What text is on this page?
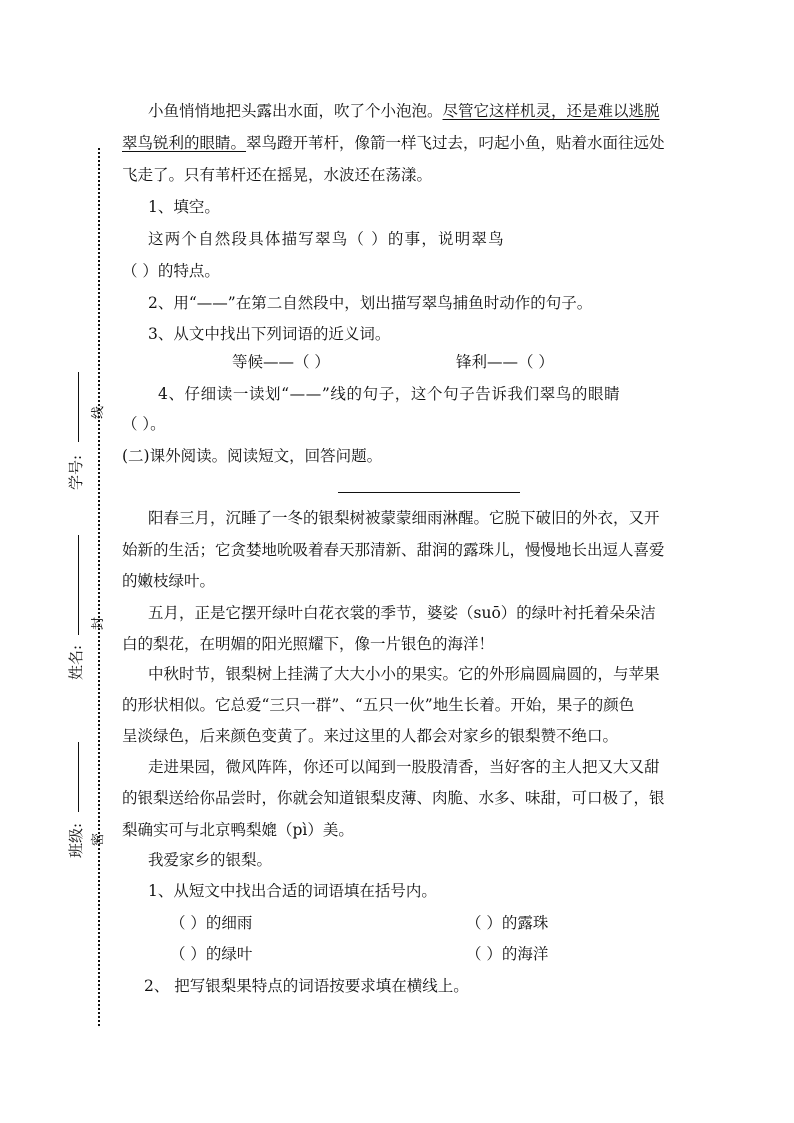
学号:
姓名:
班级:
线
封
密
小鱼悄悄地把头露出水面，吹了个小泡泡。尽管它这样机灵，还是难以逃脱
翠鸟锐利的眼睛。翠鸟蹬开苇杆，像箭一样飞过去，叼起小鱼，贴着水面往远处
飞走了。只有苇杆还在摇晃，水波还在荡漾。
1、填空。
这两个自然段具体描写翠鸟（ ）的事，说明翠鸟
（ ）的特点。
2、用“——”在第二自然段中，划出描写翠鸟捕鱼时动作的句子。
3、从文中找出下列词语的近义词。
等候——（ ）	锋利——（ ）
4、仔细读一读划“——”线的句子，这个句子告诉我们翠鸟的眼睛
（ ）。
(二)课外阅读。阅读短文，回答问题。
阳春三月，沉睡了一冬的银梨树被蒙蒙细雨淋醒。它脱下破旧的外衣，又开
始新的生活；它贪婪地吮吸着春天那清新、甜润的露珠儿，慢慢地长出逗人喜爱
的嫩枝绿叶。
五月，正是它摆开绿叶白花衣裳的季节，婆娑（suō）的绿叶衬托着朵朵洁
白的梨花，在明媚的阳光照耀下，像一片银色的海洋！
中秋时节，银梨树上挂满了大大小小的果实。它的外形扁圆扁圆的，与苹果
的形状相似。它总爱“三只一群”、“五只一伙”地生长着。开始，果子的颜色
呈淡绿色，后来颜色变黄了。来过这里的人都会对家乡的银梨赞不绝口。
走进果园，微风阵阵，你还可以闻到一股股清香，当好客的主人把又大又甜
的银梨送给你品尝时，你就会知道银梨皮薄、肉脆、水多、味甜，可口极了，银
梨确实可与北京鸭梨媲（pì）美。
我爱家乡的银梨。
1、从短文中找出合适的词语填在括号内。
（ ）的细雨	（ ）的露珠
（ ）的绿叶	（ ）的海洋
2、 把写银梨果特点的词语按要求填在横线上。
